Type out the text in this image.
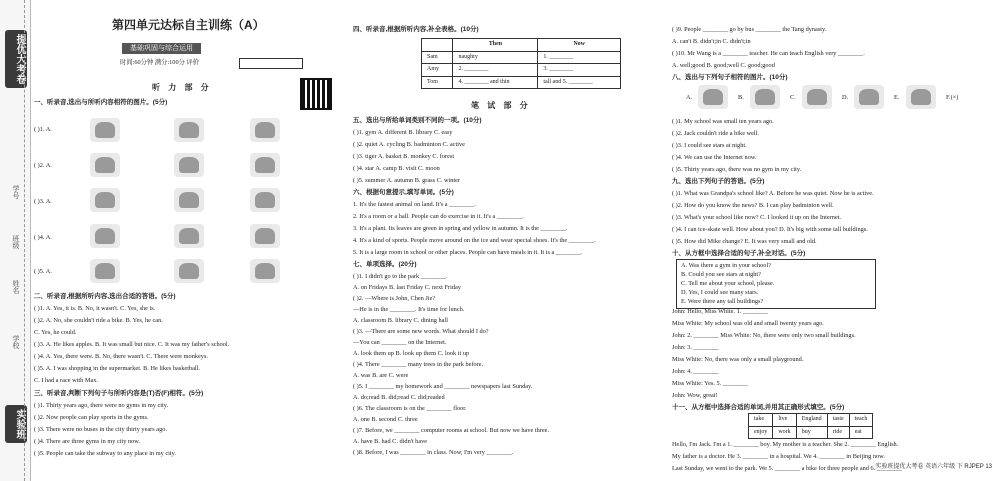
提优大考卷
学号
班级
姓名
学校
实验班
第四单元达标自主训练（A）
基础巩固与综合运用
时间:60分钟 满分:100分 评价
听 力 部 分
一、听录音,选出与所听内容相符的图片。(5分)
( )1. A.
( )2. A.
( )3. A.
( )4. A.
( )5. A.
二、听录音,根据所听内容,选出合适的答语。(5分)
( )1. A. Yes, it is. B. No, it wasn't. C. Yes, she is.
( )2. A. No, she couldn't ride a bike. B. Yes, he can.
C. Yes, he could.
( )3. A. He likes apples. B. It was small but nice. C. It was my father's school.
( )4. A. Yes, there were. B. No, there wasn't. C. There were monkeys.
( )5. A. I was shopping in the supermarket. B. He likes basketball.
C. I had a race with Max.
三、听录音,判断下列句子与所听内容是(T)否(F)相符。(5分)
( )1. Thirty years ago, there were no gyms in my city.
( )2. Now people can play sports in the gyms.
( )3. There were no buses in the city thirty years ago.
( )4. There are three gyms in my city now.
( )5. People can take the subway to any place in my city.
四、听录音,根据所听内容,补全表格。(10分)
	Then	Now
Sam	naughty	1. ________
Amy	2. ________	3. ________
Tom	4. ________ and thin	tall and 5. ________
笔 试 部 分
五、选出与所给单词类别不同的一项。(10分)
( )1. gym A. different B. library C. easy
( )2. quiet A. cycling B. badminton C. active
( )3. tiger A. basket B. monkey C. forest
( )4. star A. camp B. visit C. moon
( )5. summer A. autumn B. grass C. winter
六、根据句意提示,填写单词。(5分)
1. It's the fastest animal on land. It's a ________.
2. It's a room or a hall. People can do exercise in it. It's a ________.
3. It's a plant. Its leaves are green in spring and yellow in autumn. It is the ________.
4. It's a kind of sports. People move around on the ice and wear special shoes. It's the ________.
5. It is a large room in school or other places. People can have meals in it. It is a ________.
七、单项选择。(20分)
( )1. I didn't go to the park ________.
A. on Fridays B. last Friday C. next Friday
( )2. —Where is John, Chen Jie?
—He is in the ________. It's time for lunch.
A. classroom B. library C. dining hall
( )3. —There are some new words. What should I do?
—You can ________ on the Internet.
A. look them up B. look up them C. look it up
( )4. There ________ many trees in the park before.
A. was B. are C. were
( )5. I ________ my homework and ________ newspapers last Sunday.
A. do;read B. did;read C. did;readed
( )6. The classroom is on the ________ floor.
A. one B. second C. three
( )7. Before, we ________ computer rooms at school. But now we have three.
A. have B. had C. didn't have
( )8. Before, I was ________ in class. Now, I'm very ________.
( )9. People ________ go by bus ________ the Tang dynasty.
A. can't B. didn't;in C. didn't;in
( )10. Mr Wang is a ________ teacher. He can teach English very ________.
A. well;good B. good;well C. good;good
八、选出与下列句子相符的图片。(10分)
A.	B.	C.	D.	E.	F.(×)
( )1. My school was small ten years ago.
( )2. Jack couldn't ride a bike well.
( )3. I could see stars at night.
( )4. We can use the Internet now.
( )5. Thirty years ago, there was no gym in my city.
九、选出下列句子的答语。(5分)
( )1. What was Grandpa's school like? A. Before he was quiet. Now he is active.
( )2. How do you know the news? B. I can play badminton well.
( )3. What's your school like now? C. I looked it up on the Internet.
( )4. I can ice-skate well. How about you? D. It's big with some tall buildings.
( )5. How did Mike change? E. It was very small and old.
十、从方框中选择合适的句子,补全对话。(5分)
A. Was there a gym in your school?
B. Could you see stars at night?
C. Tell me about your school, please.
D. Yes, I could see many stars.
E. Were there any tall buildings?
John: Hello, Miss White. 1. ________
Miss White: My school was old and small twenty years ago.
John: 2. ________ Miss White: No, there were only two small buildings.
John: 3. ________
Miss White: No, there was only a small playground.
John: 4. ________
Miss White: Yes. 5. ________
John: Wow, great!
十一、从方框中选择合适的单词,并用其正确形式填空。(5分)
take	live	England	taste	teach
enjoy	work	buy	ride	eat
Hello, I'm Jack. I'm a 1. ________ boy. My mother is a teacher. She 2. ________ English.
My father is a doctor. He 3. ________ in a hospital. We 4. ________ in Beijing now.
Last Sunday, we went to the park. We 5. ________ a bike for three people and 6. ________
实验班提优大考卷 英语六年级 下 RJPEP 13
